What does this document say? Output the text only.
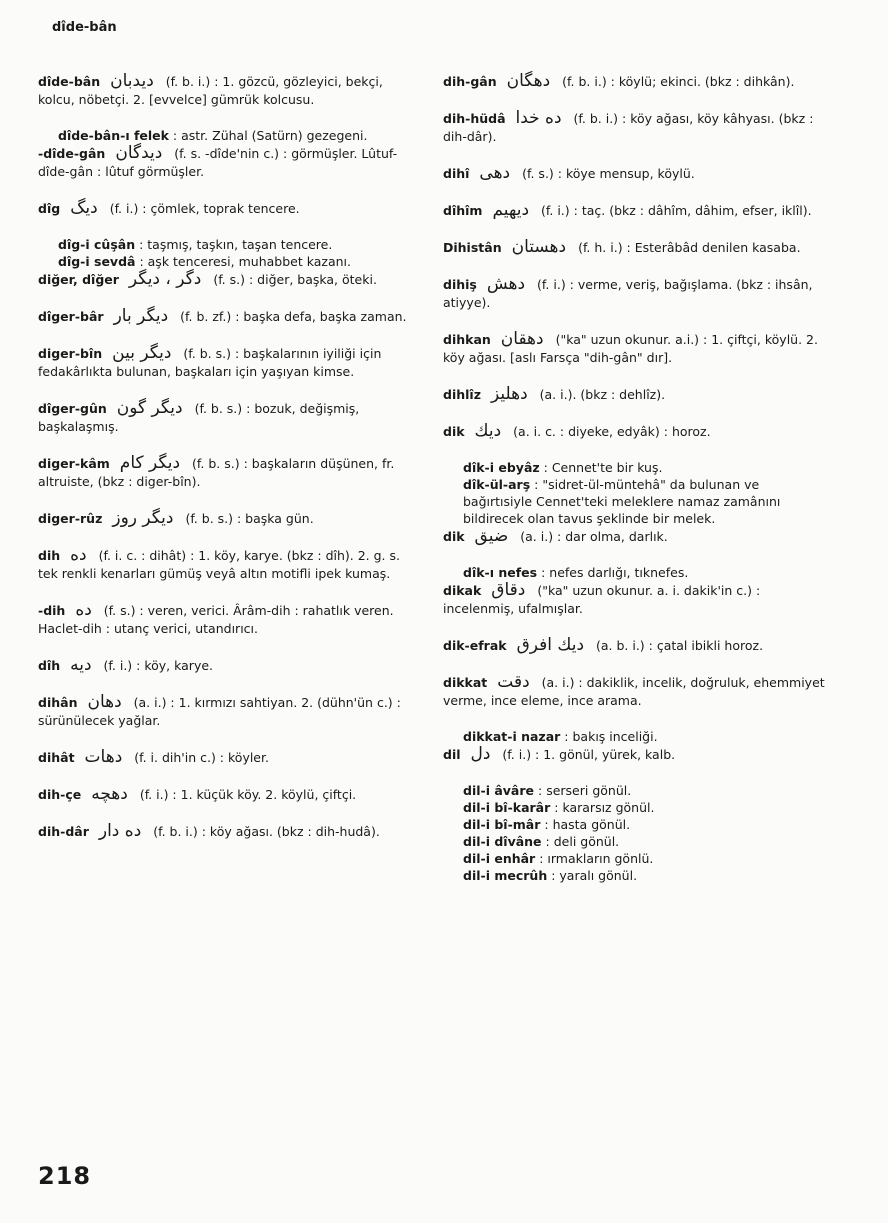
dîde-bân
dîde-bân دیدبان (f. b. i.) : 1. gözcü, gözleyici, bekçi, kolcu, nöbetçi. 2. [evvelce] gümrük kolcusu.
dîde-bân-ı felek : astr. Zühal (Satürn) gezegeni.
-dîde-gân دیدگان (f. s. -dîde'nin c.) : görmüşler. Lûtuf-dîde-gân : lûtuf görmüşler.
dîg دیگ (f. i.) : çömlek, toprak tencere.
dîg-i cûşân : taşmış, taşkın, taşan tencere.
dîg-i sevdâ : aşk tenceresi, muhabbet kazanı.
diğer, dîğer دگر ، دیگر (f. s.) : diğer, başka, öteki.
dîger-bâr دیگر بار (f. b. zf.) : başka defa, başka zaman.
diger-bîn دیگر بین (f. b. s.) : başkalarının iyiliği için fedakârlıkta bulunan, başkaları için yaşıyan kimse.
dîger-gûn دیگر گون (f. b. s.) : bozuk, değişmiş, başkalaşmış.
diger-kâm دیگر کام (f. b. s.) : başkaların düşünen, fr. altruiste, (bkz : diger-bîn).
diger-rûz دیگر روز (f. b. s.) : başka gün.
dih ده (f. i. c. : dihât) : 1. köy, karye. (bkz : dîh). 2. g. s. tek renkli kenarları gümüş veyâ altın motifli ipek kumaş.
-dih ده (f. s.) : veren, verici. Ârâm-dih : rahatlık veren. Haclet-dih : utanç verici, utandırıcı.
dîh دیه (f. i.) : köy, karye.
dihân دهان (a. i.) : 1. kırmızı sahtiyan. 2. (dühn'ün c.) : sürünülecek yağlar.
dihât دهات (f. i. dih'in c.) : köyler.
dih-çe دهچه (f. i.) : 1. küçük köy. 2. köylü, çiftçi.
dih-dâr ده دار (f. b. i.) : köy ağası. (bkz : dih-hudâ).
dih-gân دهگان (f. b. i.) : köylü; ekinci. (bkz : dihkân).
dih-hüdâ ده خدا (f. b. i.) : köy ağası, köy kâhyası. (bkz : dih-dâr).
dihî دهی (f. s.) : köye mensup, köylü.
dîhîm دیهیم (f. i.) : taç. (bkz : dâhîm, dâhim, efser, iklîl).
Dihistân دهستان (f. h. i.) : Esterâbâd denilen kasaba.
dihiş دهش (f. i.) : verme, veriş, bağışlama. (bkz : ihsân, atiyye).
dihkan دهقان ("ka" uzun okunur. a.i.) : 1. çiftçi, köylü. 2. köy ağası. [aslı Farsça "dih-gân" dır].
dihlîz دهلیز (a. i.). (bkz : dehlîz).
dik دیك (a. i. c. : diyeke, edyâk) : horoz.
dîk-i ebyâz : Cennet'te bir kuş.
dîk-ül-arş : "sidret-ül-müntehâ" da bulunan ve bağırtısiyle Cennet'teki meleklere namaz zamânını bildirecek olan tavus şeklinde bir melek.
dik ضیق (a. i.) : dar olma, darlık.
dîk-ı nefes : nefes darlığı, tıknefes.
dikak دقاق ("ka" uzun okunur. a. i. dakik'in c.) : incelenmiş, ufalmışlar.
dik-efrak دیك افرق (a. b. i.) : çatal ibikli horoz.
dikkat دقت (a. i.) : dakiklik, incelik, doğruluk, ehemmiyet verme, ince eleme, ince arama.
dikkat-i nazar : bakış inceliği.
dil دل (f. i.) : 1. gönül, yürek, kalb.
dil-i âvâre : serseri gönül.
dil-i bî-karâr : kararsız gönül.
dil-i bî-mâr : hasta gönül.
dil-i dîvâne : deli gönül.
dil-i enhâr : ırmakların gönlü.
dil-i mecrûh : yaralı gönül.
218
